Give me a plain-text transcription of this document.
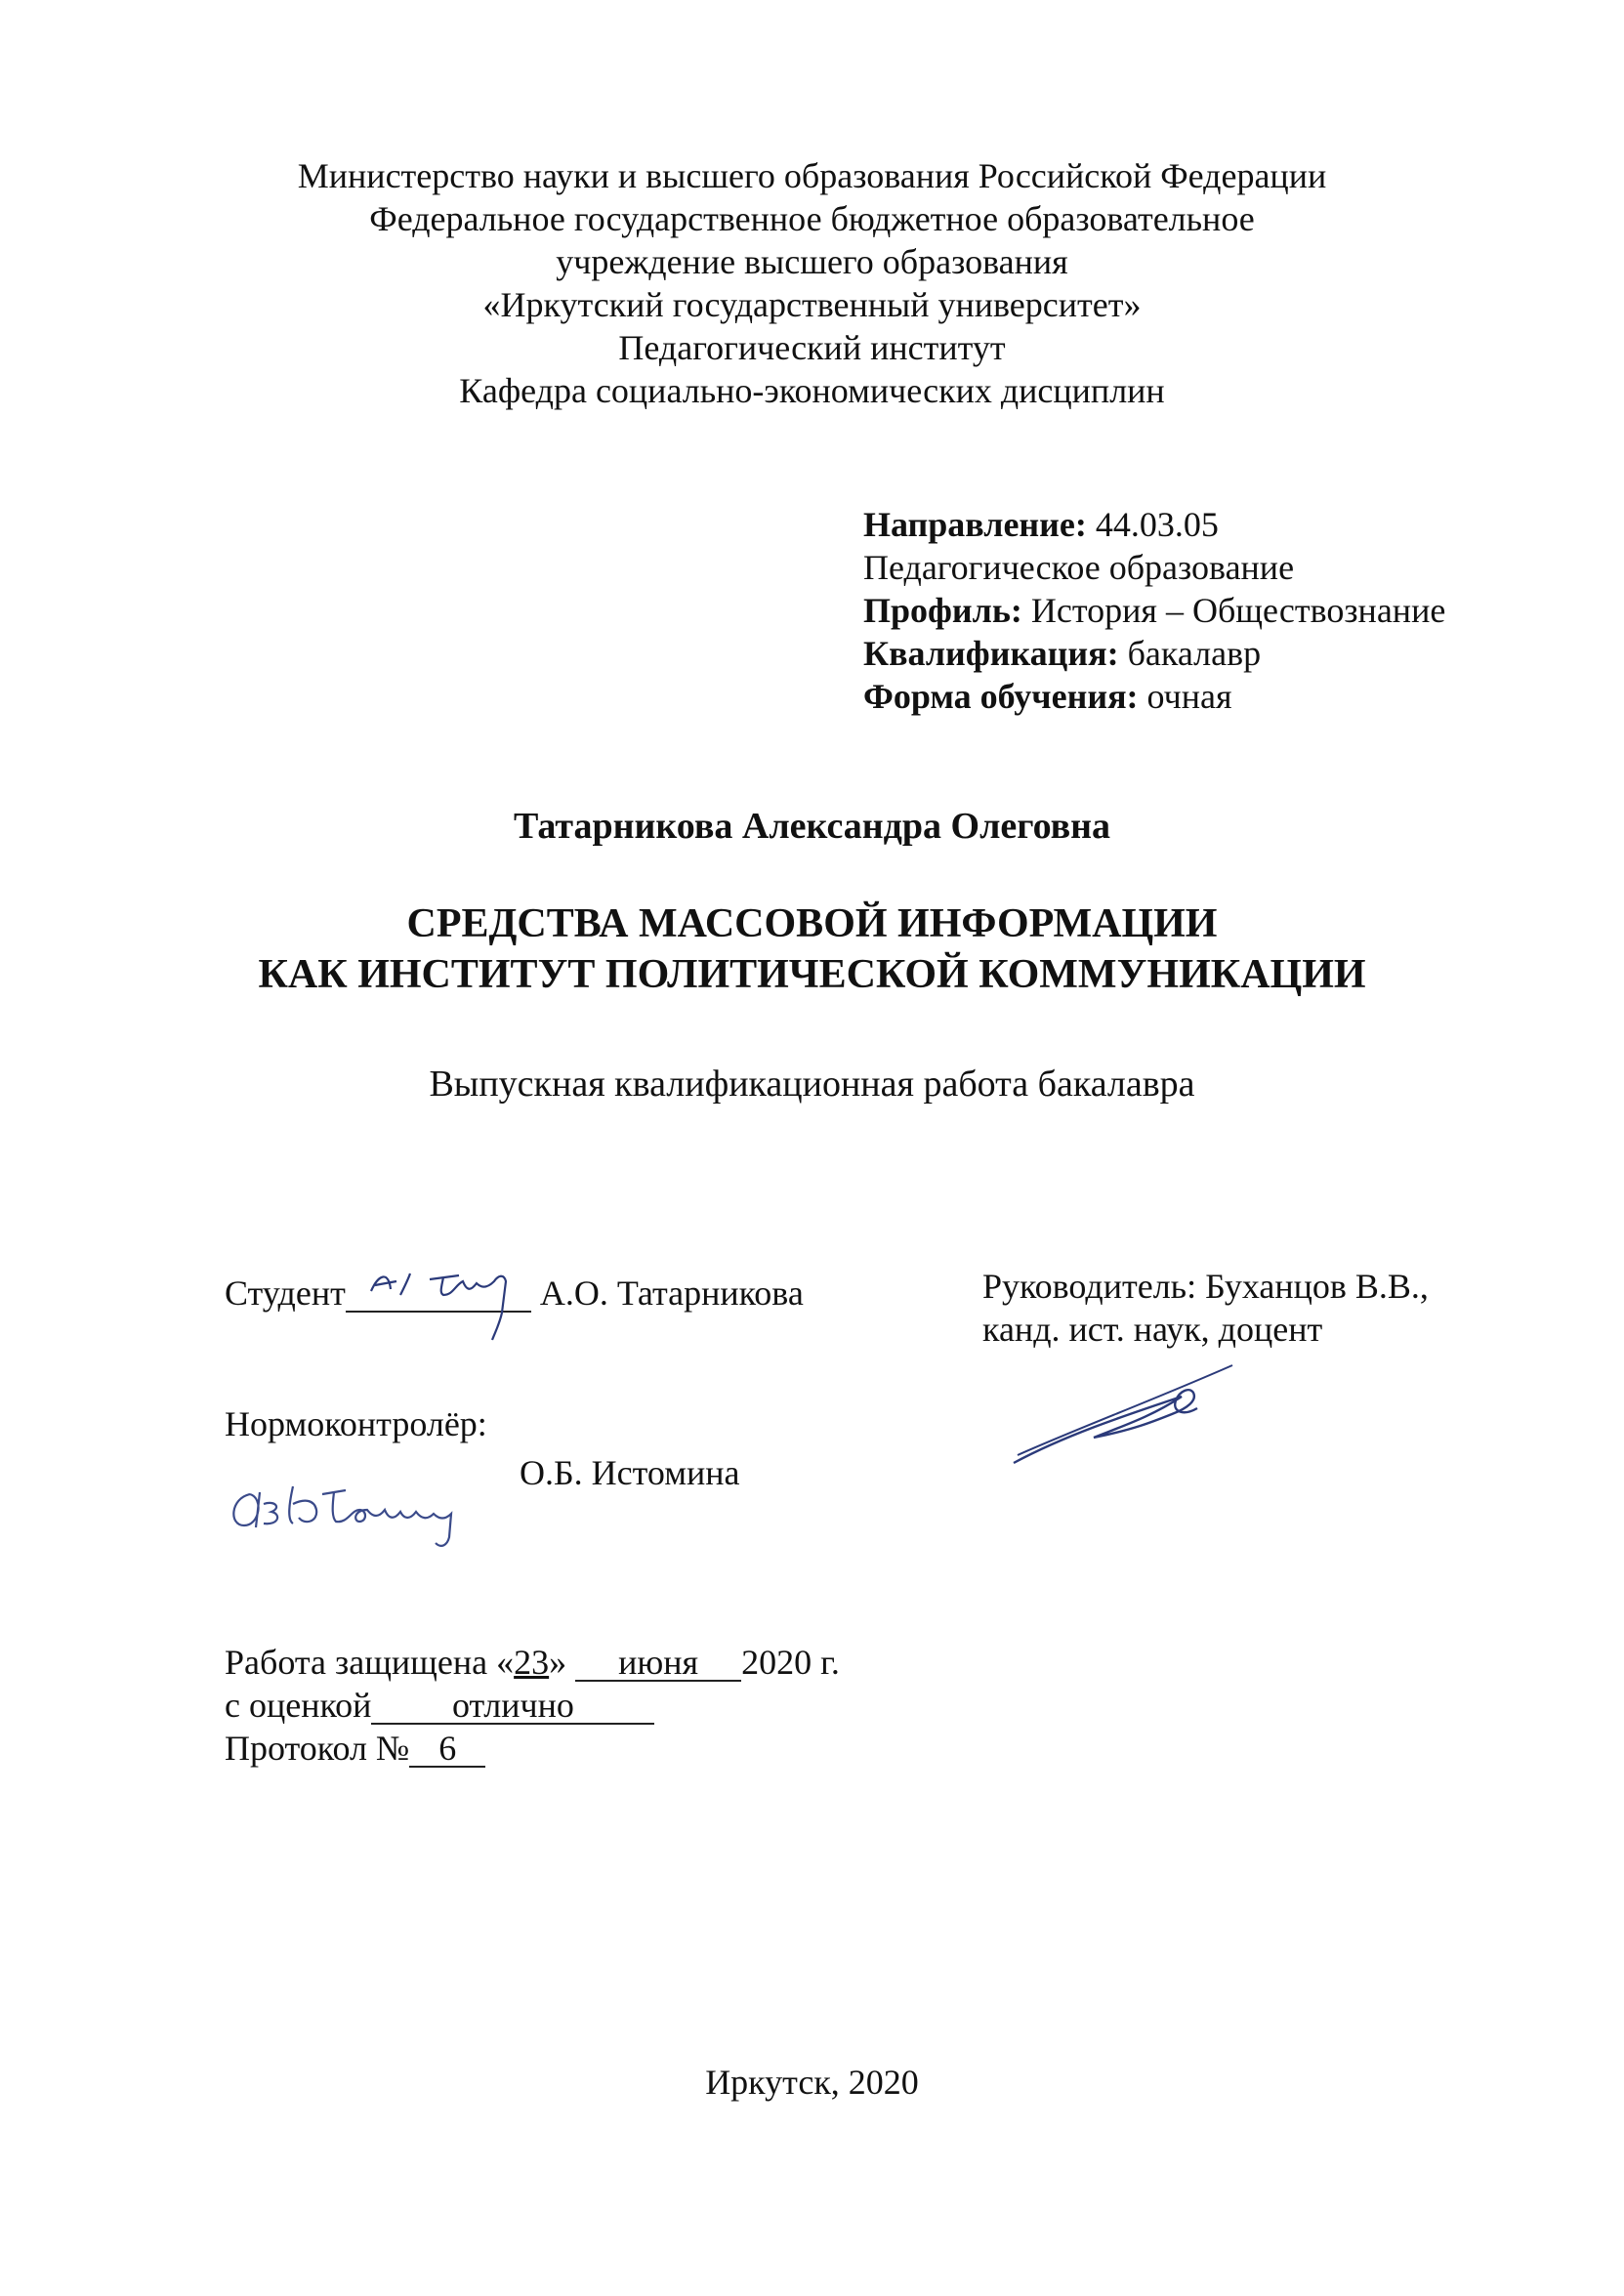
Министерство науки и высшего образования Российской Федерации
Федеральное государственное бюджетное образовательное
учреждение высшего образования
«Иркутский государственный университет»
Педагогический институт
Кафедра социально-экономических дисциплин
Направление: 44.03.05
Педагогическое образование
Профиль: История – Обществознание
Квалификация: бакалавр
Форма обучения: очная
Татарникова Александра Олеговна
СРЕДСТВА МАССОВОЙ ИНФОРМАЦИИ
КАК ИНСТИТУТ ПОЛИТИЧЕСКОЙ КОММУНИКАЦИИ
Выпускная квалификационная работа бакалавра
Студент	А.О. Татарникова	Руководитель: Буханцов В.В.,
канд. ист. наук, доцент
Нормоконтролёр:
О.Б. Истомина
Работа защищена «23» июня 2020 г.
с оценкой отлично
Протокол № 6
Иркутск, 2020
